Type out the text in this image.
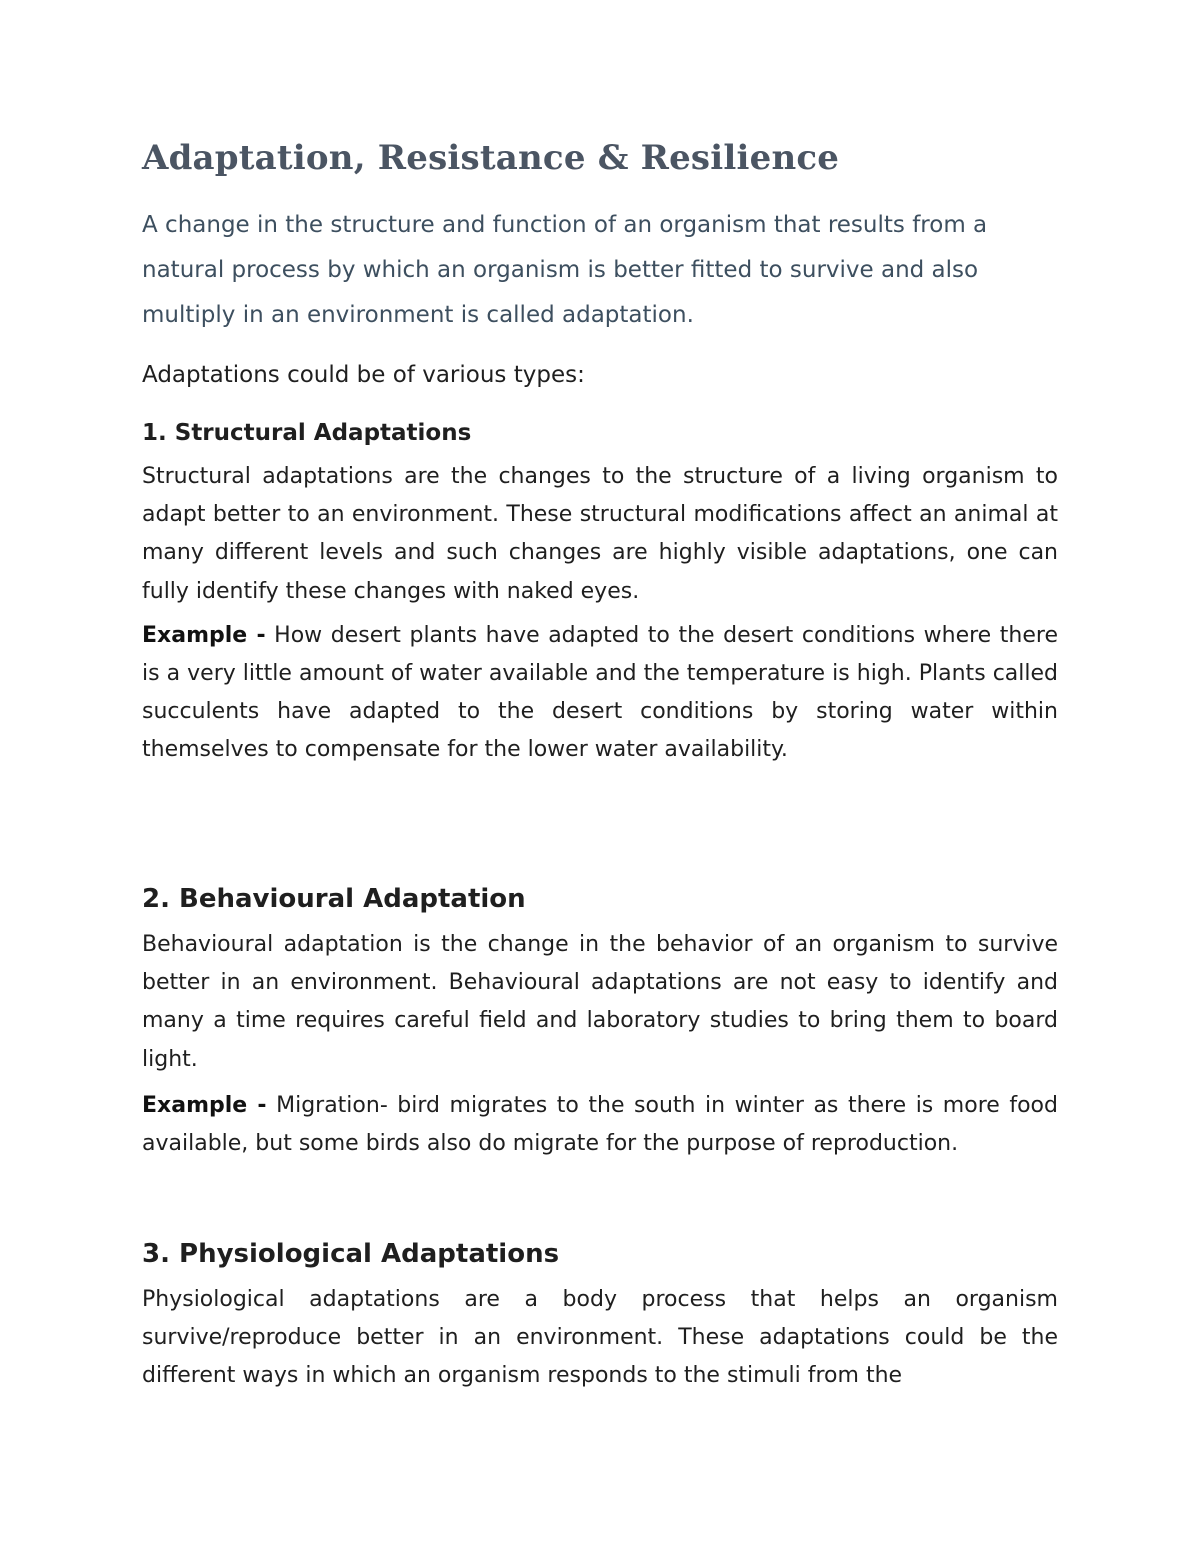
Adaptation, Resistance & Resilience

A change in the structure and function of an organism that results from a natural process by which an organism is better fitted to survive and also multiply in an environment is called adaptation.

Adaptations could be of various types:

1. Structural Adaptations

Structural adaptations are the changes to the structure of a living organism to adapt better to an environment. These structural modifications affect an animal at many different levels and such changes are highly visible adaptations, one can fully identify these changes with naked eyes.

Example - How desert plants have adapted to the desert conditions where there is a very little amount of water available and the temperature is high. Plants called succulents have adapted to the desert conditions by storing water within themselves to compensate for the lower water availability.

2. Behavioural Adaptation

Behavioural adaptation is the change in the behavior of an organism to survive better in an environment. Behavioural adaptations are not easy to identify and many a time requires careful field and laboratory studies to bring them to board light.

Example - Migration- bird migrates to the south in winter as there is more food available, but some birds also do migrate for the purpose of reproduction.

3. Physiological Adaptations

Physiological adaptations are a body process that helps an organism survive/reproduce better in an environment. These adaptations could be the different ways in which an organism responds to the stimuli from the
